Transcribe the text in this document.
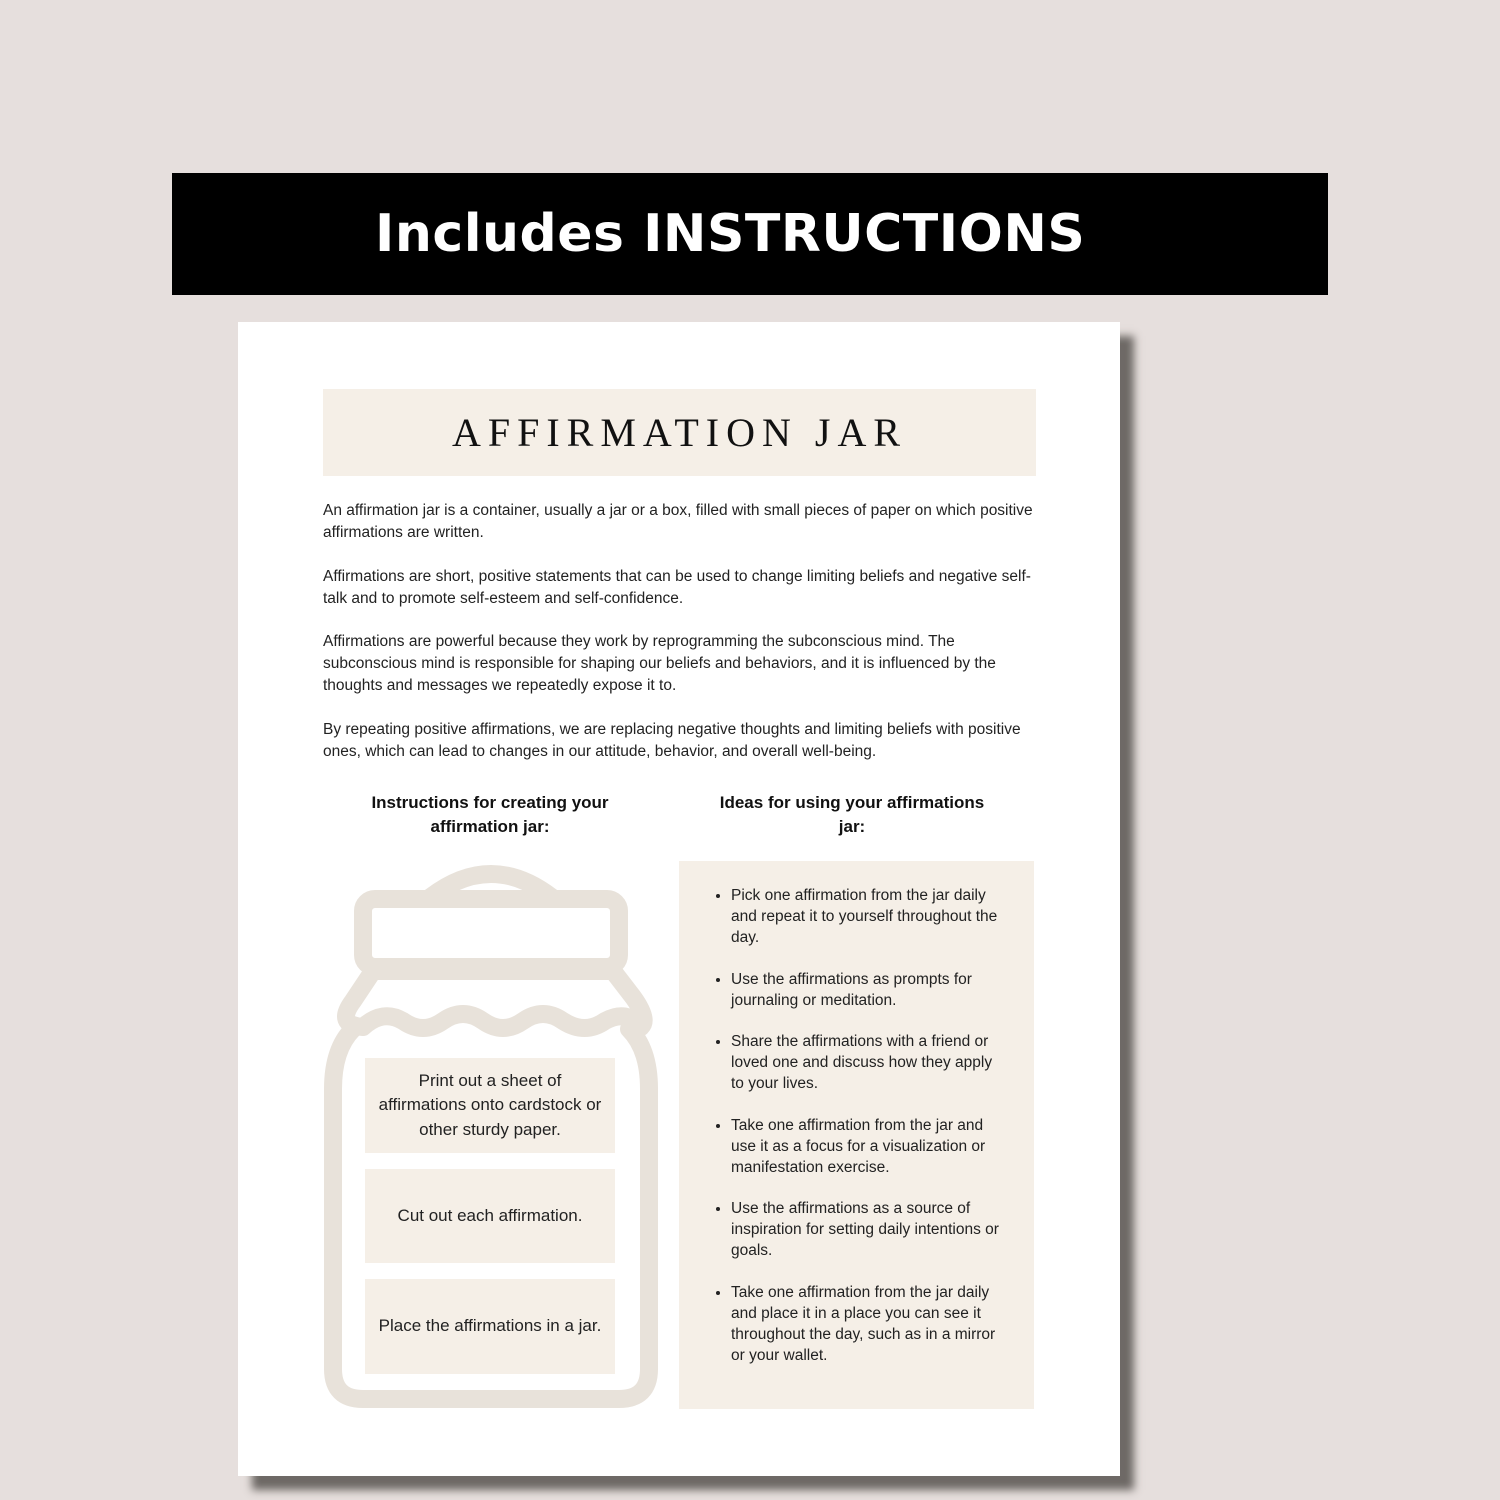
Includes INSTRUCTIONS
AFFIRMATION JAR

An affirmation jar is a container, usually a jar or a box, filled with small pieces of paper on which positive affirmations are written.

Affirmations are short, positive statements that can be used to change limiting beliefs and negative self-talk and to promote self-esteem and self-confidence.

Affirmations are powerful because they work by reprogramming the subconscious mind. The subconscious mind is responsible for shaping our beliefs and behaviors, and it is influenced by the thoughts and messages we repeatedly expose it to.

By repeating positive affirmations, we are replacing negative thoughts and limiting beliefs with positive ones, which can lead to changes in our attitude, behavior, and overall well-being.

Instructions for creating your affirmation jar:
Ideas for using your affirmations jar:
Print out a sheet of affirmations onto cardstock or other sturdy paper.
Cut out each affirmation.
Place the affirmations in a jar.
• Pick one affirmation from the jar daily and repeat it to yourself throughout the day.
• Use the affirmations as prompts for journaling or meditation.
• Share the affirmations with a friend or loved one and discuss how they apply to your lives.
• Take one affirmation from the jar and use it as a focus for a visualization or manifestation exercise.
• Use the affirmations as a source of inspiration for setting daily intentions or goals.
• Take one affirmation from the jar daily and place it in a place you can see it throughout the day, such as in a mirror or your wallet.
